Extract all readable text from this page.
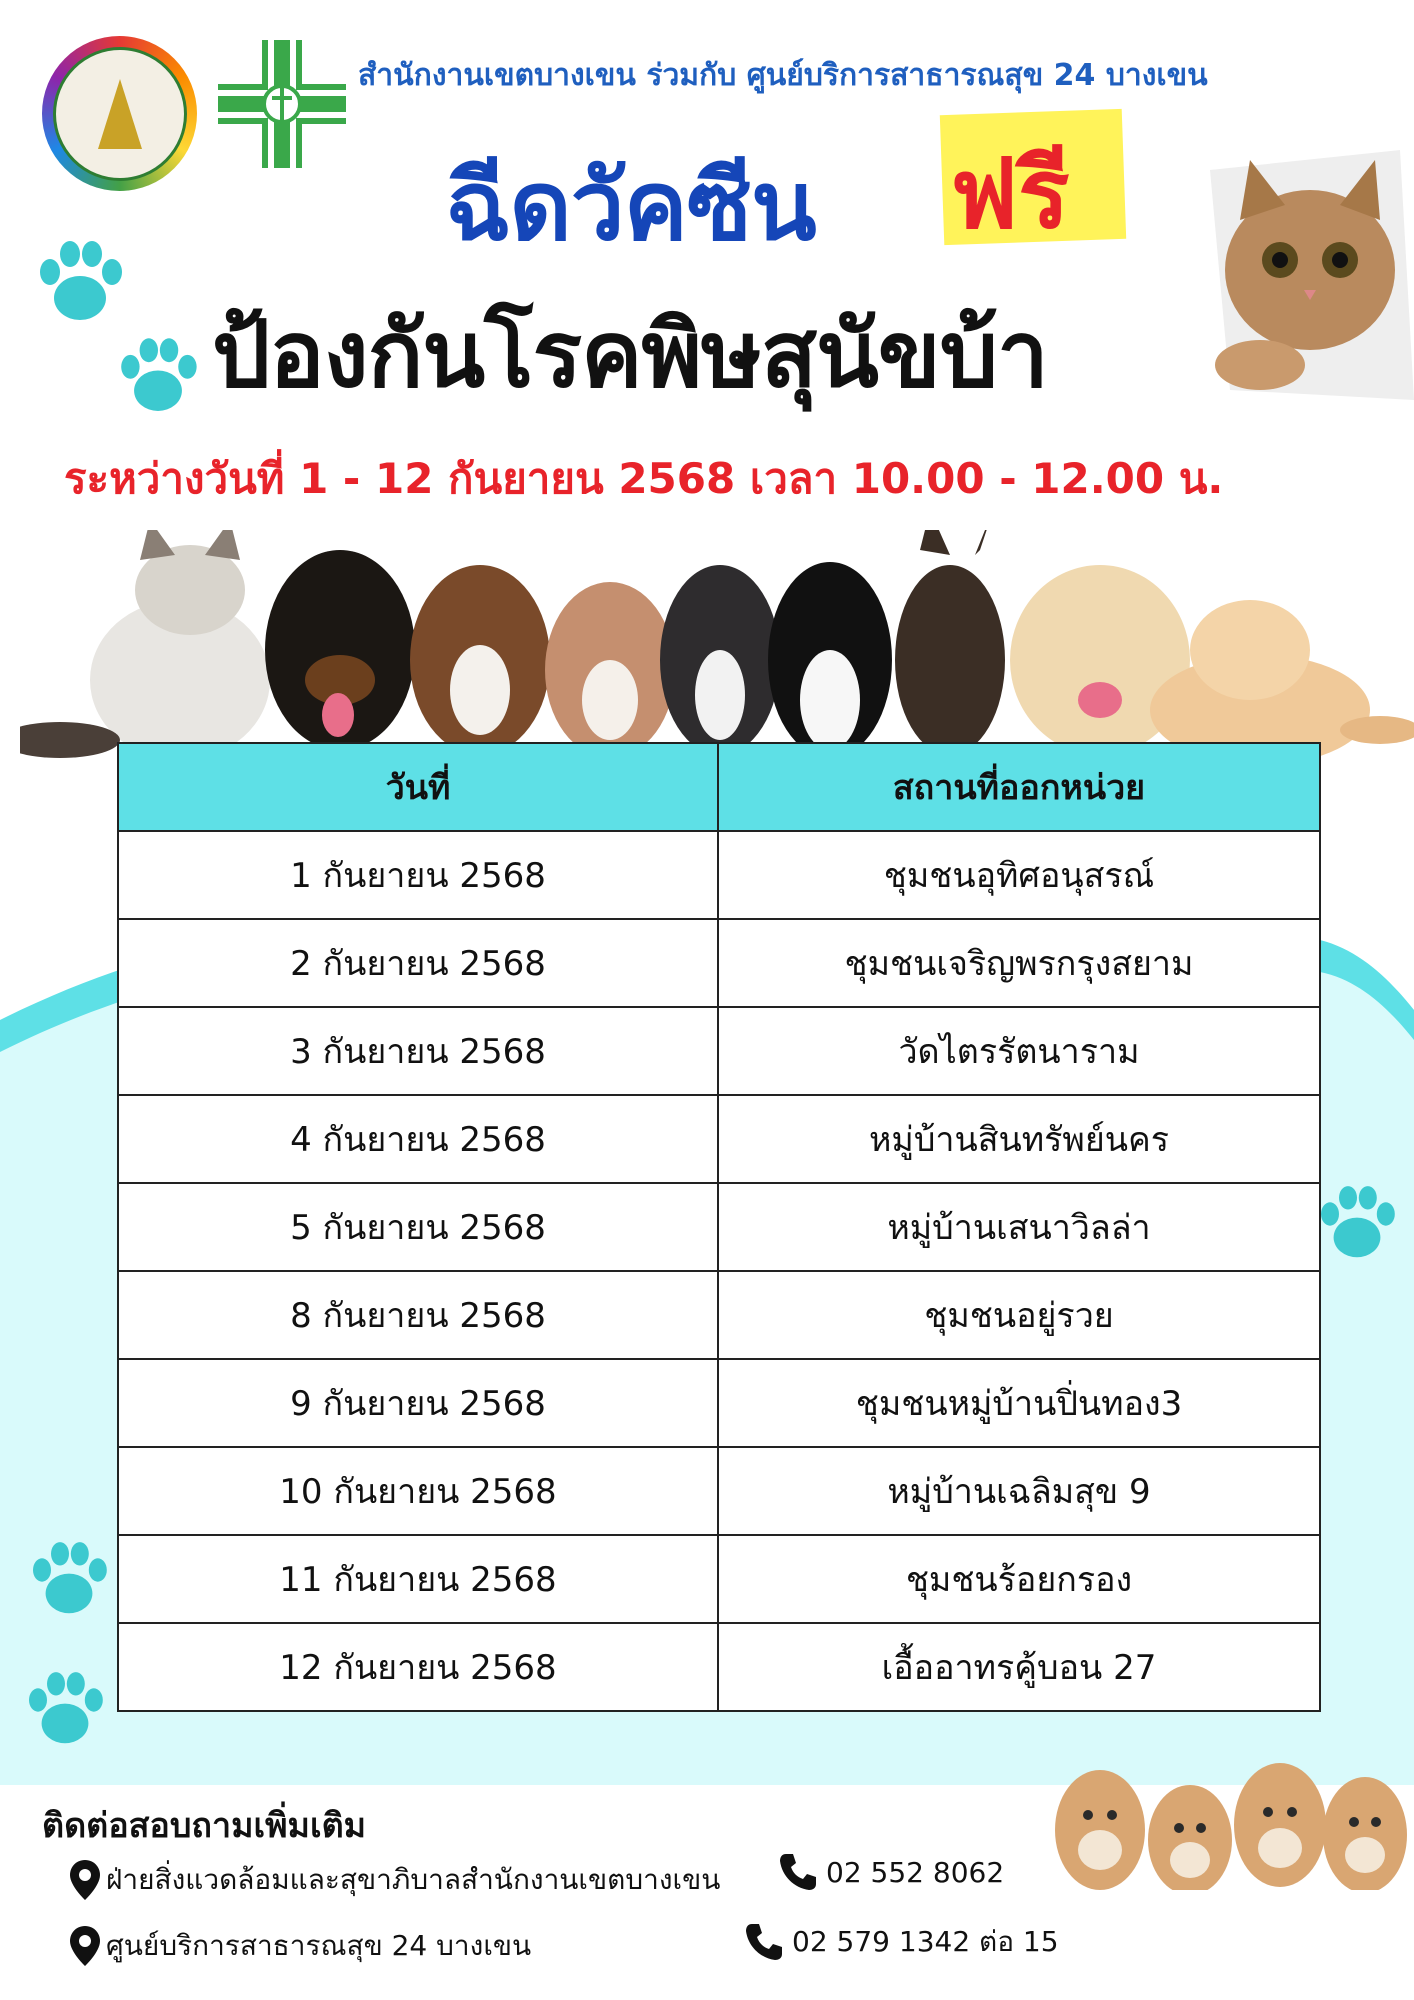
สำนักงานเขตบางเขน ร่วมกับ ศูนย์บริการสาธารณสุข 24 บางเขน
ฉีดวัคซีน ฟรี
ป้องกันโรคพิษสุนัขบ้า
ระหว่างวันที่ 1 - 12 กันยายน 2568 เวลา 10.00 - 12.00 น.
วันที่	สถานที่ออกหน่วย
1 กันยายน 2568	ชุมชนอุทิศอนุสรณ์
2 กันยายน 2568	ชุมชนเจริญพรกรุงสยาม
3 กันยายน 2568	วัดไตรรัตนาราม
4 กันยายน 2568	หมู่บ้านสินทรัพย์นคร
5 กันยายน 2568	หมู่บ้านเสนาวิลล่า
8 กันยายน 2568	ชุมชนอยู่รวย
9 กันยายน 2568	ชุมชนหมู่บ้านปิ่นทอง3
10 กันยายน 2568	หมู่บ้านเฉลิมสุข 9
11 กันยายน 2568	ชุมชนร้อยกรอง
12 กันยายน 2568	เอื้ออาทรคู้บอน 27
ติดต่อสอบถามเพิ่มเติม
ฝ่ายสิ่งแวดล้อมและสุขาภิบาลสำนักงานเขตบางเขน
ศูนย์บริการสาธารณสุข 24 บางเขน
02 552 8062
02 579 1342 ต่อ 15
